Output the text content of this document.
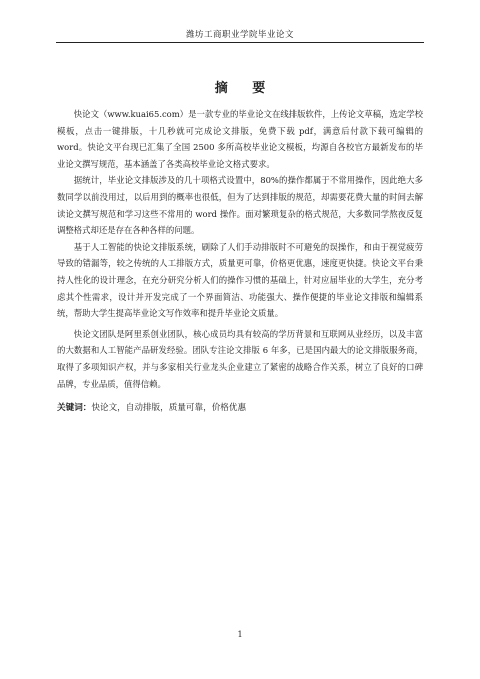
潍坊工商职业学院毕业论文
摘 要

快论文（www.kuai65.com）是一款专业的毕业论文在线排版软件，上传论文草稿，选定学校模板，点击一键排版，十几秒就可完成论文排版，免费下载 pdf，满意后付款下载可编辑的 word。快论文平台现已汇集了全国 2500 多所高校毕业论文模板，均源自各校官方最新发布的毕业论文撰写规范，基本涵盖了各类高校毕业论文格式要求。

据统计，毕业论文排版涉及的几十项格式设置中，80%的操作都属于不常用操作，因此绝大多数同学以前没用过，以后用到的概率也很低，但为了达到排版的规范，却需要花费大量的时间去解读论文撰写规范和学习这些不常用的 word 操作。面对繁琐复杂的格式规范，大多数同学熬夜反复调整格式却还是存在各种各样的问题。

基于人工智能的快论文排版系统，刷除了人们手动排版时不可避免的误操作，和由于视觉疲劳导致的错漏等，较之传统的人工排版方式，质量更可靠，价格更优惠，速度更快捷。快论文平台秉持人性化的设计理念，在充分研究分析人们的操作习惯的基础上，针对应届毕业的大学生，充分考虑其个性需求，设计并开发完成了一个界面简洁、功能强大、操作便捷的毕业论文排版和编辑系统，帮助大学生提高毕业论文写作效率和提升毕业论文质量。

快论文团队是阿里系创业团队，核心成员均具有较高的学历背景和互联网从业经历，以及丰富的大数据和人工智能产品研发经验。团队专注论文排版 6 年多，已是国内最大的论文排版服务商，取得了多项知识产权，并与多家相关行业龙头企业建立了紧密的战略合作关系，树立了良好的口碑品牌，专业品质，值得信赖。

关键词：快论文，自动排版，质量可靠，价格优惠
1
